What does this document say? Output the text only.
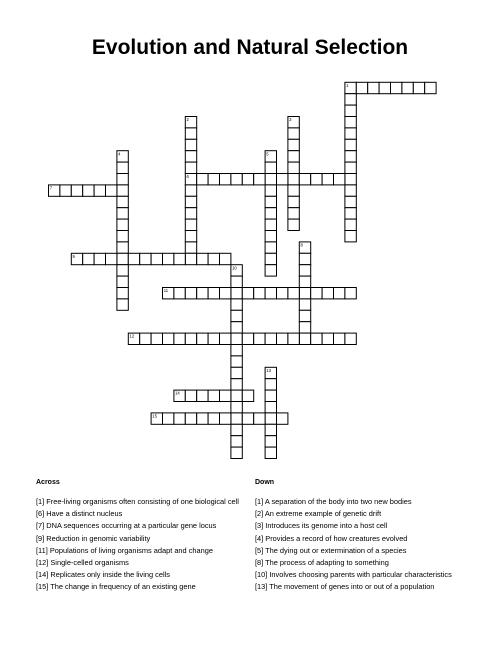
Evolution and Natural Selection
1
2	3
4	5
6
7
8
9
10
11
12
13
14
15
Across	Down
[1] Free-living organisms often consisting of one biological cell
[6] Have a distinct nucleus
[7] DNA sequences occurring at a particular gene locus
[9] Reduction in genomic variability
[11] Populations of living organisms adapt and change
[12] Single-celled organisms
[14] Replicates only inside the living cells
[15] The change in frequency of an existing gene
[1] A separation of the body into two new bodies
[2] An extreme example of genetic drift
[3] Introduces its genome into a host cell
[4] Provides a record of how creatures evolved
[5] The dying out or extermination of a species
[8] The process of adapting to something
[10] Involves choosing parents with particular characteristics
[13] The movement of genes into or out of a population
